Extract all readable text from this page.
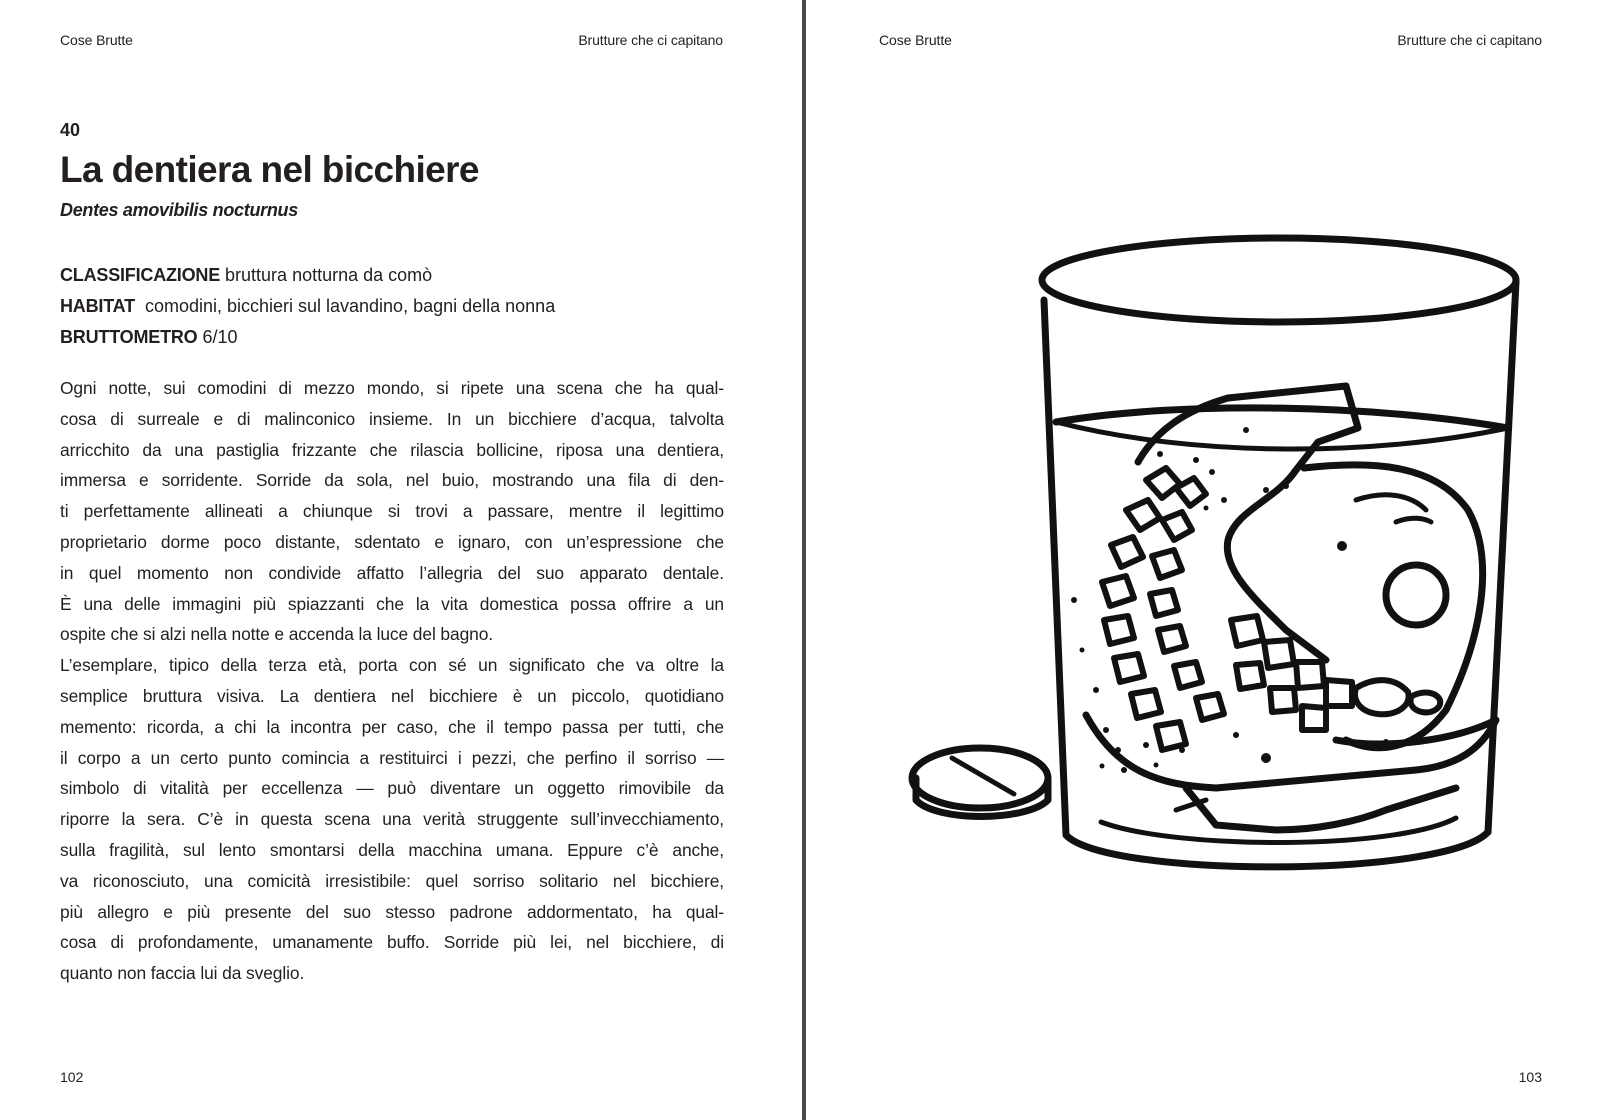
Cose Brutte	Brutture che ci capitano
40
La dentiera nel bicchiere
Dentes amovibilis nocturnus
CLASSIFICAZIONE bruttura notturna da comò
HABITAT comodini, bicchieri sul lavandino, bagni della nonna
BRUTTOMETRO 6/10
Ogni notte, sui comodini di mezzo mondo, si ripete una scena che ha qual-
cosa di surreale e di malinconico insieme. In un bicchiere d’acqua, talvolta
arricchito da una pastiglia frizzante che rilascia bollicine, riposa una dentiera,
immersa e sorridente. Sorride da sola, nel buio, mostrando una fila di den-
ti perfettamente allineati a chiunque si trovi a passare, mentre il legittimo
proprietario dorme poco distante, sdentato e ignaro, con un’espressione che
in quel momento non condivide affatto l’allegria del suo apparato dentale.
È una delle immagini più spiazzanti che la vita domestica possa offrire a un
ospite che si alzi nella notte e accenda la luce del bagno.
L’esemplare, tipico della terza età, porta con sé un significato che va oltre la
semplice bruttura visiva. La dentiera nel bicchiere è un piccolo, quotidiano
memento: ricorda, a chi la incontra per caso, che il tempo passa per tutti, che
il corpo a un certo punto comincia a restituirci i pezzi, che perfino il sorriso —
simbolo di vitalità per eccellenza — può diventare un oggetto rimovibile da
riporre la sera. C’è in questa scena una verità struggente sull’invecchiamento,
sulla fragilità, sul lento smontarsi della macchina umana. Eppure c’è anche,
va riconosciuto, una comicità irresistibile: quel sorriso solitario nel bicchiere,
più allegro e più presente del suo stesso padrone addormentato, ha qual-
cosa di profondamente, umanamente buffo. Sorride più lei, nel bicchiere, di
quanto non faccia lui da sveglio.
102
Cose Brutte	Brutture che ci capitano
103
